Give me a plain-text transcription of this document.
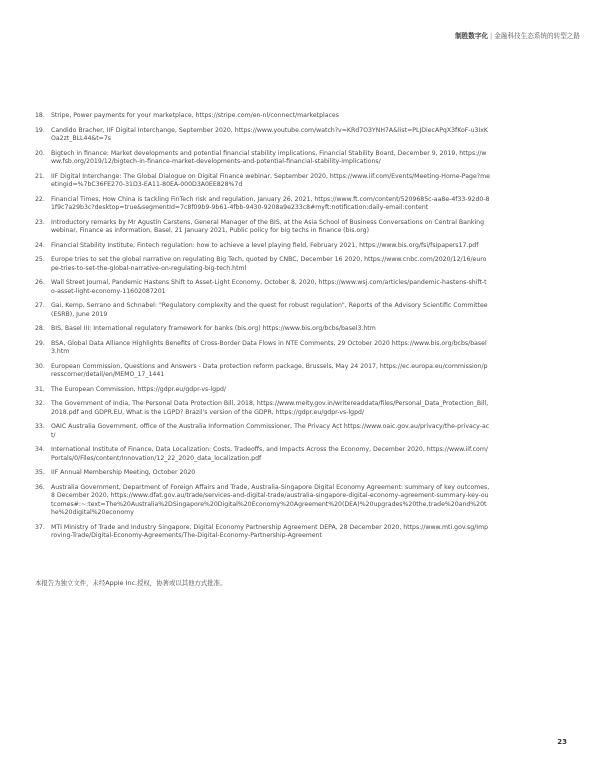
制胜数字化 | 金融科技生态系统的转型之路
18. Stripe, Power payments for your marketplace, https://stripe.com/en-nl/connect/marketplaces
19. Candido Bracher, IIF Digital Interchange, September 2020, https://www.youtube.com/watch?v=KRd7O3YNH7A&list=PLJDiecAPqX3fKoF-u3IxKOa2zt_BLL44&t=7s
20. Bigtech in finance: Market developments and potential financial stability implications, Financial Stability Board, December 9, 2019, https://www.fsb.org/2019/12/bigtech-in-finance-market-developments-and-potential-financial-stability-implications/
21. IIF Digital Interchange: The Global Dialogue on Digital Finance webinar, September 2020, https://www.iif.com/Events/Meeting-Home-Page?meetingid=%7bC36FE270-31D3-EA11-80EA-000D3A0EE828%7d
22. Financial Times, How China is tackling FinTech risk and regulation, January 26, 2021, https://www.ft.com/content/5209685c-aa8e-4f33-92d0-81f9c7a29b3c?desktop=true&segmentId=7c8f09b9-9b61-4fbb-9430-9208a9e233c8#myft:notification:daily-email:content
23. Introductory remarks by Mr Agustín Carstens, General Manager of the BIS, at the Asia School of Business Conversations on Central Banking webinar, Finance as information, Basel, 21 January 2021, Public policy for big techs in finance (bis.org)
24. Financial Stability Institute, Fintech regulation: how to achieve a level playing field, February 2021, https://www.bis.org/fsi/fsipapers17.pdf
25. Europe tries to set the global narrative on regulating Big Tech, quoted by CNBC, December 16 2020, https://www.cnbc.com/2020/12/16/europe-tries-to-set-the-global-narrative-on-regulating-big-tech.html
26. Wall Street Journal, Pandemic Hastens Shift to Asset-Light Economy, October 8, 2020, https://www.wsj.com/articles/pandemic-hastens-shift-to-asset-light-economy-11602087201
27. Gai, Kemp, Serrano and Schnabel: "Regulatory complexity and the quest for robust regulation", Reports of the Advisory Scientific Committee (ESRB), June 2019
28. BIS, Basel III: International regulatory framework for banks (bis.org) https://www.bis.org/bcbs/basel3.htm
29. BSA, Global Data Alliance Highlights Benefits of Cross-Border Data Flows in NTE Comments, 29 October 2020 https://www.bis.org/bcbs/basel3.htm
30. European Commission, Questions and Answers - Data protection reform package, Brussels, May 24 2017, https://ec.europa.eu/commission/presscorner/detail/en/MEMO_17_1441
31. The European Commission, https://gdpr.eu/gdpr-vs-lgpd/
32. The Government of India, The Personal Data Protection Bill, 2018, https://www.meity.gov.in/writereaddata/files/Personal_Data_Protection_Bill,2018.pdf and GDPR.EU, What is the LGPD? Brazil's version of the GDPR, https://gdpr.eu/gdpr-vs-lgpd/
33. OAIC Australia Government, office of the Australia Information Commissioner, The Privacy Act https://www.oaic.gov.au/privacy/the-privacy-act/
34. International Institute of Finance, Data Localization: Costs, Tradeoffs, and Impacts Across the Economy, December 2020, https://www.iif.com/Portals/0/Files/content/Innovation/12_22_2020_data_localization.pdf
35. IIF Annual Membership Meeting, October 2020
36. Australia Government, Department of Foreign Affairs and Trade, Australia-Singapore Digital Economy Agreement: summary of key outcomes, 8 December 2020, https://www.dfat.gov.au/trade/services-and-digital-trade/australia-singapore-digital-economy-agreement-summary-key-outcomes#:~:text=The%20Australia%2DSingapore%20Digital%20Economy%20Agreement%20(DEA)%20upgrades%20the,trade%20and%20the%20digital%20economy
37. MTI Ministry of Trade and Industry Singapore, Digital Economy Partnership Agreement DEPA, 28 December 2020, https://www.mti.gov.sg/Improving-Trade/Digital-Economy-Agreements/The-Digital-Economy-Partnership-Agreement
本报告为独立文件，未经Apple Inc.授权，协著或以其他方式批准。
23
